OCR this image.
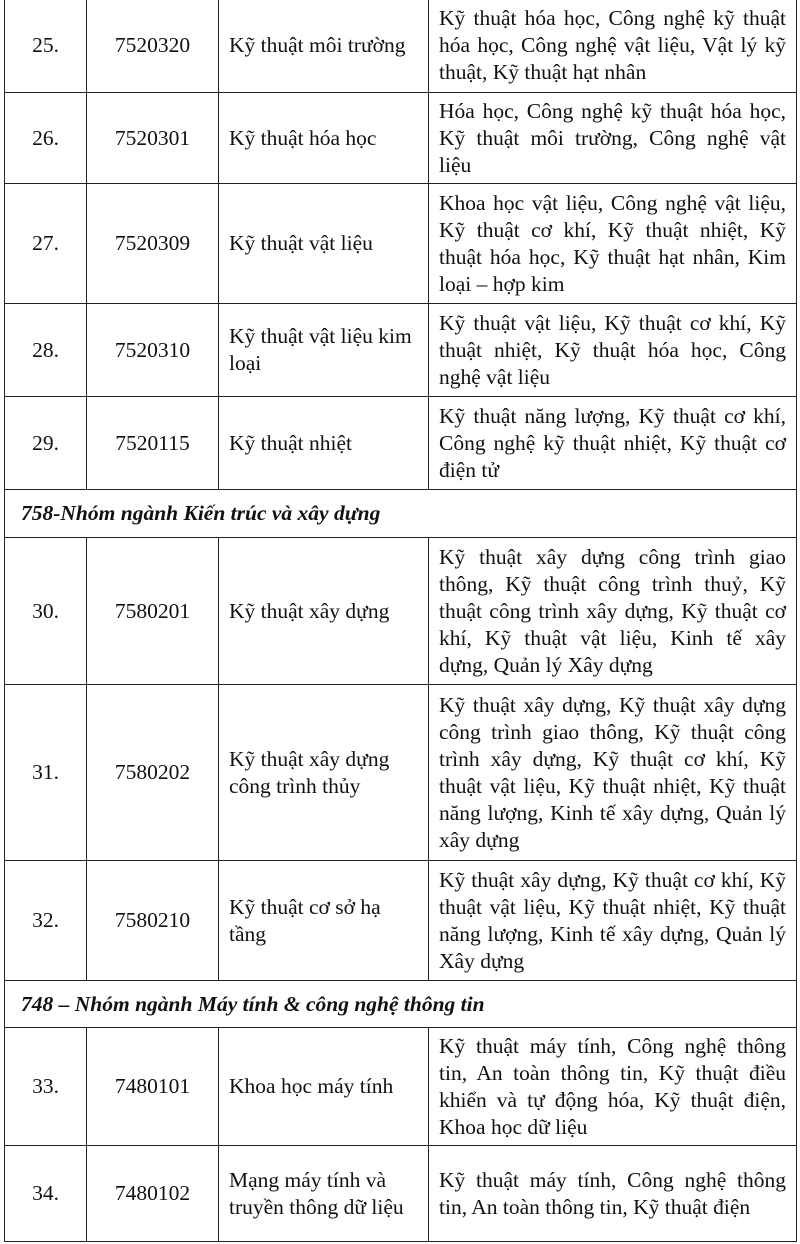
25.	7520320	Kỹ thuật môi trường	Kỹ thuật hóa học, Công nghệ kỹ thuật hóa học, Công nghệ vật liệu, Vật lý kỹ thuật, Kỹ thuật hạt nhân
26.	7520301	Kỹ thuật hóa học	Hóa học, Công nghệ kỹ thuật hóa học, Kỹ thuật môi trường, Công nghệ vật liệu
27.	7520309	Kỹ thuật vật liệu	Khoa học vật liệu, Công nghệ vật liệu, Kỹ thuật cơ khí, Kỹ thuật nhiệt, Kỹ thuật hóa học, Kỹ thuật hạt nhân, Kim loại – hợp kim
28.	7520310	Kỹ thuật vật liệu kim loại	Kỹ thuật vật liệu, Kỹ thuật cơ khí, Kỹ thuật nhiệt, Kỹ thuật hóa học, Công nghệ vật liệu
29.	7520115	Kỹ thuật nhiệt	Kỹ thuật năng lượng, Kỹ thuật cơ khí, Công nghệ kỹ thuật nhiệt, Kỹ thuật cơ điện tử
758-Nhóm ngành Kiến trúc và xây dựng			
30.	7580201	Kỹ thuật xây dựng	Kỹ thuật xây dựng công trình giao thông, Kỹ thuật công trình thuỷ, Kỹ thuật công trình xây dựng, Kỹ thuật cơ khí, Kỹ thuật vật liệu, Kinh tế xây dựng, Quản lý Xây dựng
31.	7580202	Kỹ thuật xây dựng công trình thủy	Kỹ thuật xây dựng, Kỹ thuật xây dựng công trình giao thông, Kỹ thuật công trình xây dựng, Kỹ thuật cơ khí, Kỹ thuật vật liệu, Kỹ thuật nhiệt, Kỹ thuật năng lượng, Kinh tế xây dựng, Quản lý xây dựng
32.	7580210	Kỹ thuật cơ sở hạ tầng	Kỹ thuật xây dựng, Kỹ thuật cơ khí, Kỹ thuật vật liệu, Kỹ thuật nhiệt, Kỹ thuật năng lượng, Kinh tế xây dựng, Quản lý Xây dựng
748 – Nhóm ngành Máy tính & công nghệ thông tin			
33.	7480101	Khoa học máy tính	Kỹ thuật máy tính, Công nghệ thông tin, An toàn thông tin, Kỹ thuật điều khiển và tự động hóa, Kỹ thuật điện, Khoa học dữ liệu
34.	7480102	Mạng máy tính và truyền thông dữ liệu	Kỹ thuật máy tính, Công nghệ thông tin, An toàn thông tin, Kỹ thuật điện
